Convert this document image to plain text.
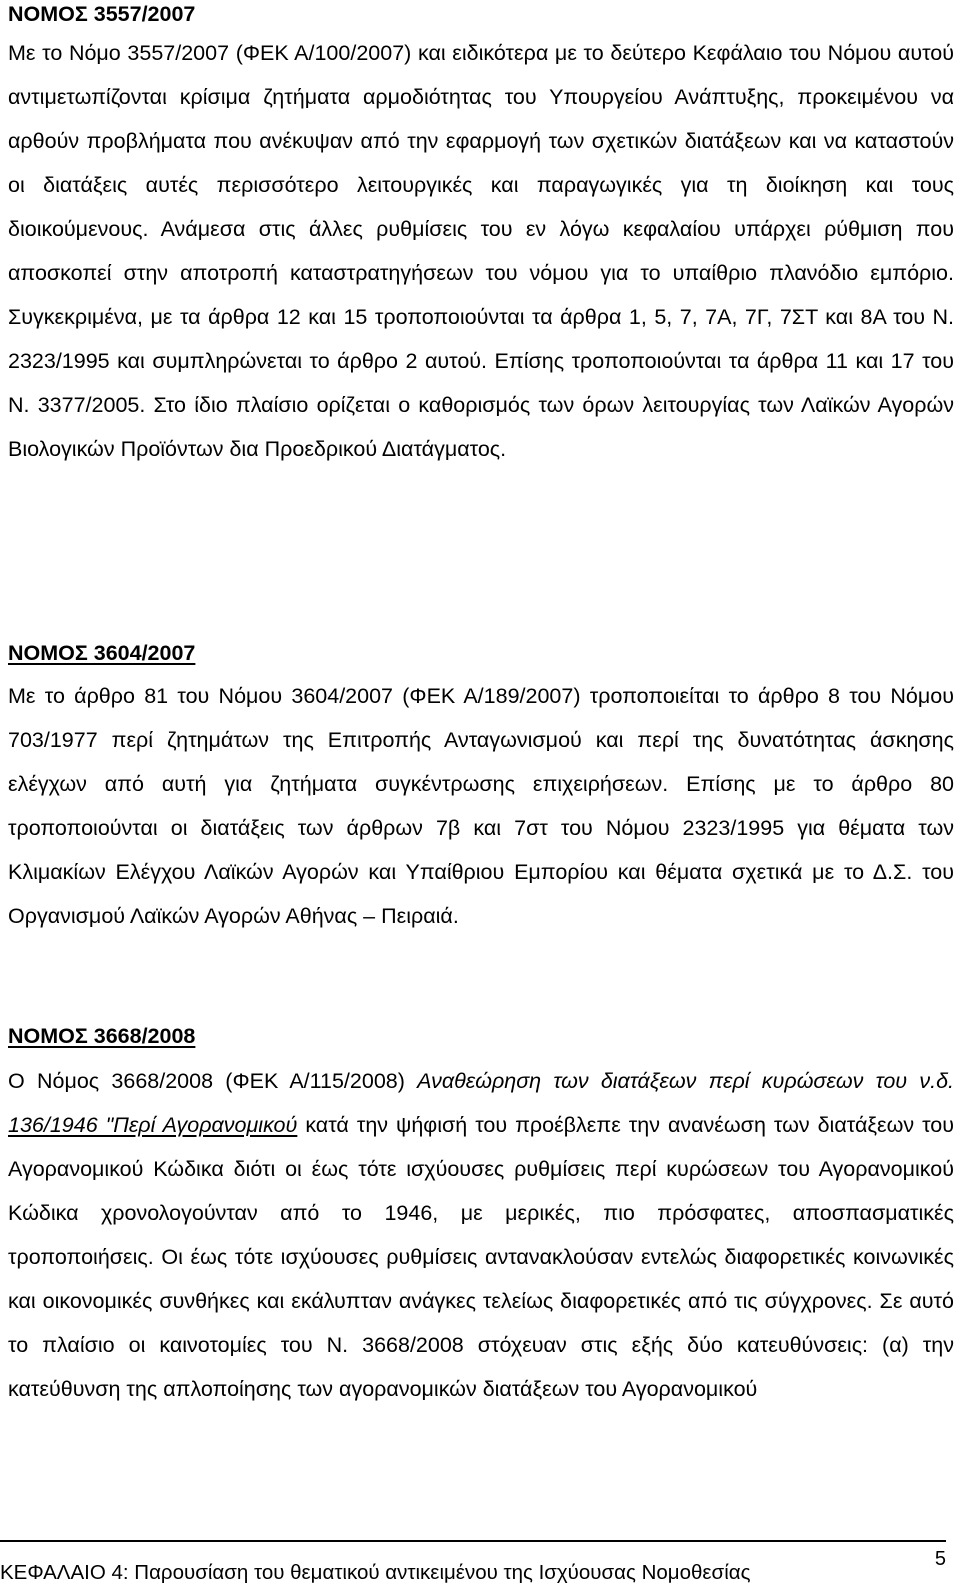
ΝΟΜΟΣ 3557/2007

Με το Νόμο 3557/2007 (ΦΕΚ Α/100/2007) και ειδικότερα με το δεύτερο Κεφάλαιο του Νόμου αυτού αντιμετωπίζονται κρίσιμα ζητήματα αρμοδιότητας του Υπουργείου Ανάπτυξης, προκειμένου να αρθούν προβλήματα που ανέκυψαν από την εφαρμογή των σχετικών διατάξεων και να καταστούν οι διατάξεις αυτές περισσότερο λειτουργικές και παραγωγικές για τη διοίκηση και τους διοικούμενους. Ανάμεσα στις άλλες ρυθμίσεις του εν λόγω κεφαλαίου υπάρχει ρύθμιση που αποσκοπεί στην αποτροπή καταστρατηγήσεων του νόμου για το υπαίθριο πλανόδιο εμπόριο. Συγκεκριμένα, με τα άρθρα 12 και 15 τροποποιούνται τα άρθρα 1, 5, 7, 7Α, 7Γ, 7ΣΤ και 8Α του Ν. 2323/1995 και συμπληρώνεται το άρθρο 2 αυτού. Επίσης τροποποιούνται τα άρθρα 11 και 17 του Ν. 3377/2005. Στο ίδιο πλαίσιο ορίζεται ο καθορισμός των όρων λειτουργίας των Λαϊκών Αγορών Βιολογικών Προϊόντων δια Προεδρικού Διατάγματος.

ΝΟΜΟΣ 3604/2007

Με το άρθρο 81 του Νόμου 3604/2007 (ΦΕΚ Α/189/2007) τροποποιείται το άρθρο 8 του Νόμου 703/1977 περί ζητημάτων της Επιτροπής Ανταγωνισμού και περί της δυνατότητας άσκησης ελέγχων από αυτή για ζητήματα συγκέντρωσης επιχειρήσεων. Επίσης με το άρθρο 80 τροποποιούνται οι διατάξεις των άρθρων 7β και 7στ του Νόμου 2323/1995 για θέματα των Κλιμακίων Ελέγχου Λαϊκών Αγορών και Υπαίθριου Εμπορίου και θέματα σχετικά με το Δ.Σ. του Οργανισμού Λαϊκών Αγορών Αθήνας – Πειραιά.

ΝΟΜΟΣ 3668/2008

Ο Νόμος 3668/2008 (ΦΕΚ Α/115/2008) Αναθεώρηση των διατάξεων περί κυρώσεων του ν.δ. 136/1946 "Περί Αγορανομικού κατά την ψήφισή του προέβλεπε την ανανέωση των διατάξεων του Αγορανομικού Κώδικα διότι οι έως τότε ισχύουσες ρυθμίσεις περί κυρώσεων του Αγορανομικού Κώδικα χρονολογούνταν από το 1946, με μερικές, πιο πρόσφατες, αποσπασματικές τροποποιήσεις. Οι έως τότε ισχύουσες ρυθμίσεις αντανακλούσαν εντελώς διαφορετικές κοινωνικές και οικονομικές συνθήκες και εκάλυπταν ανάγκες τελείως διαφορετικές από τις σύγχρονες. Σε αυτό το πλαίσιο οι καινοτομίες του Ν. 3668/2008 στόχευαν στις εξής δύο κατευθύνσεις: (α) την κατεύθυνση της απλοποίησης των αγορανομικών διατάξεων του Αγορανομικού

ΚΕΦΑΛΑΙΟ 4: Παρουσίαση του θεματικού αντικειμένου της Ισχύουσας Νομοθεσίας
5
